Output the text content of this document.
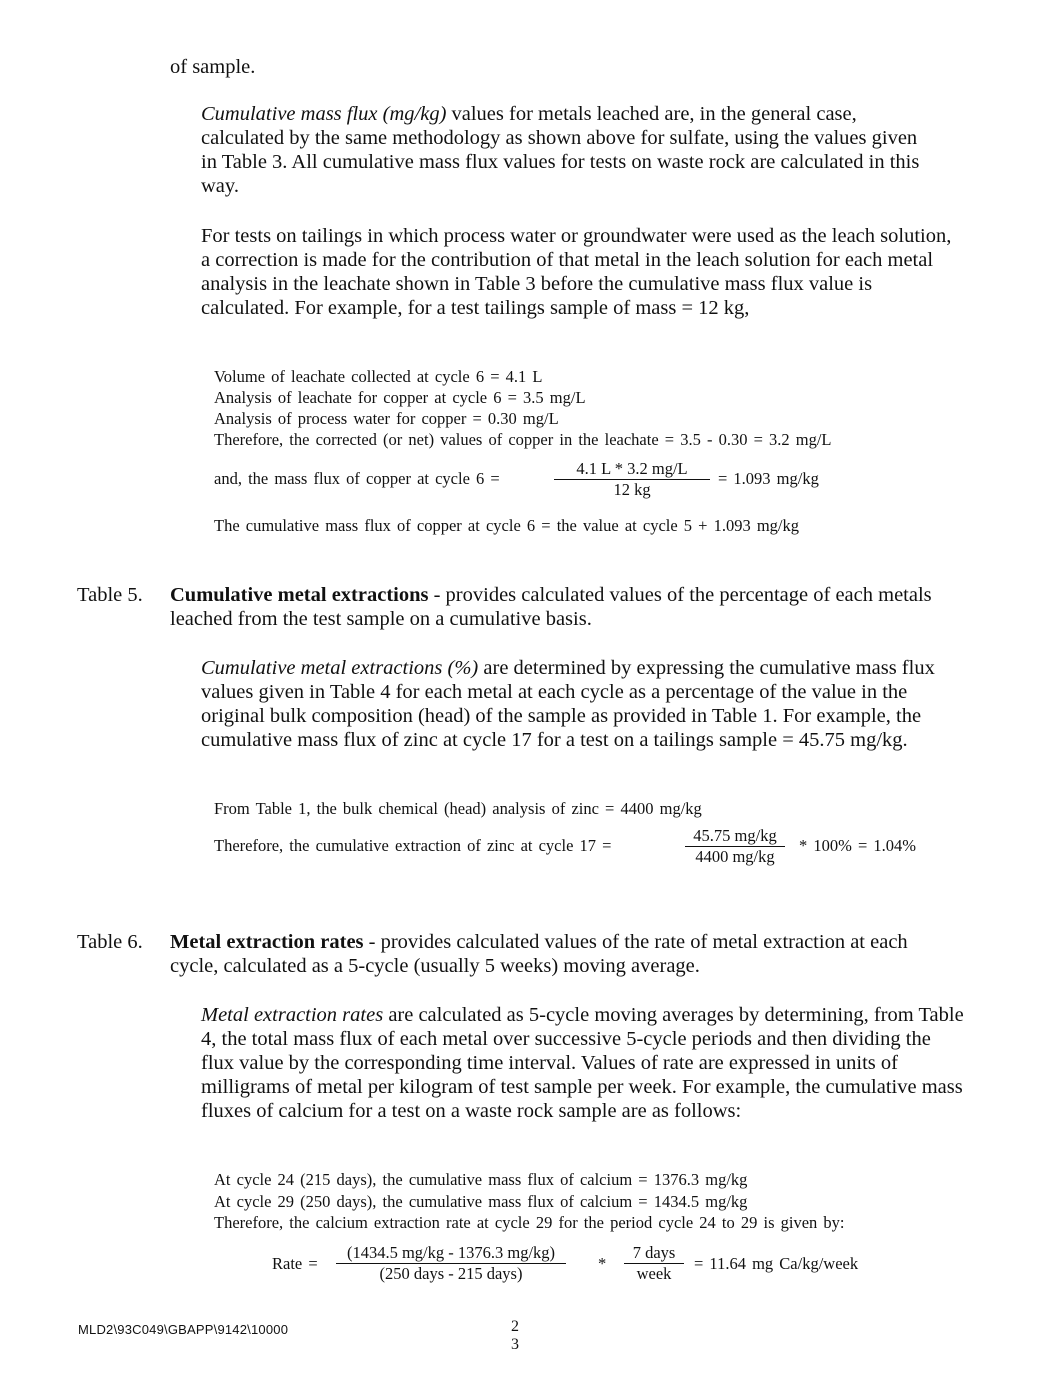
of sample.
Cumulative mass flux (mg/kg) values for metals leached are, in the general case, calculated by the same methodology as shown above for sulfate, using the values given in Table 3. All cumulative mass flux values for tests on waste rock are calculated in this way.
For tests on tailings in which process water or groundwater were used as the leach solution, a correction is made for the contribution of that metal in the leach solution for each metal analysis in the leachate shown in Table 3 before the cumulative mass flux value is calculated. For example, for a test tailings sample of mass = 12 kg,
Volume of leachate collected at cycle 6 = 4.1 L
Analysis of leachate for copper at cycle 6 = 3.5 mg/L
Analysis of process water for copper = 0.30 mg/L
Therefore, the corrected (or net) values of copper in the leachate = 3.5 - 0.30 = 3.2 mg/L
and, the mass flux of copper at cycle 6 =	$\frac{4.1 L * 3.2 mg/L}{12 kg} = 1.093$ mg/kg
The cumulative mass flux of copper at cycle 6 = the value at cycle 5 + 1.093 mg/kg
Table 5. Cumulative metal extractions - provides calculated values of the percentage of each metals leached from the test sample on a cumulative basis.
Cumulative metal extractions (%) are determined by expressing the cumulative mass flux values given in Table 4 for each metal at each cycle as a percentage of the value in the original bulk composition (head) of the sample as provided in Table 1. For example, the cumulative mass flux of zinc at cycle 17 for a test on a tailings sample = 45.75 mg/kg.
From Table 1, the bulk chemical (head) analysis of zinc = 4400 mg/kg
Therefore, the cumulative extraction of zinc at cycle 17 =	$\frac{45.75 mg/kg}{4400 mg/kg} * 100\% = 1.04\%$
Table 6. Metal extraction rates - provides calculated values of the rate of metal extraction at each cycle, calculated as a 5-cycle (usually 5 weeks) moving average.
Metal extraction rates are calculated as 5-cycle moving averages by determining, from Table 4, the total mass flux of each metal over successive 5-cycle periods and then dividing the flux value by the corresponding time interval. Values of rate are expressed in units of milligrams of metal per kilogram of test sample per week. For example, the cumulative mass fluxes of calcium for a test on a waste rock sample are as follows:
At cycle 24 (215 days), the cumulative mass flux of calcium = 1376.3 mg/kg
At cycle 29 (250 days), the cumulative mass flux of calcium = 1434.5 mg/kg
Therefore, the calcium extraction rate at cycle 29 for the period cycle 24 to 29 is given by:
Rate =
(1434.5 mg/kg - 1376.3 mg/kg)
(250 days - 215 days)
*
7 days
week
= 11.64 mg Ca/kg/week
MLD2\93C049\GBAPP\9142\10000	2
3
